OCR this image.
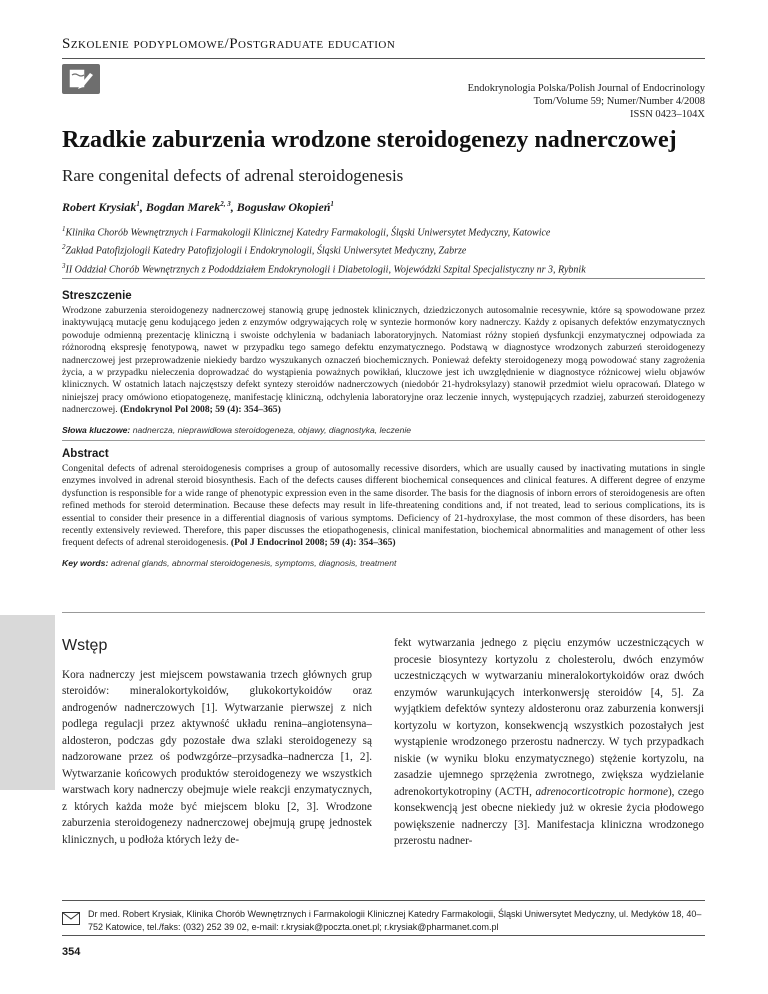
Szkolenie podyplomowe/Postgraduate education
Endokrynologia Polska/Polish Journal of Endocrinology
Tom/Volume 59; Numer/Number 4/2008
ISSN 0423–104X
Rzadkie zaburzenia wrodzone steroidogenezy nadnerczowej
Rare congenital defects of adrenal steroidogenesis
Robert Krysiak$^1$, Bogdan Marek$^{2, 3}$, Bogusław Okopień$^1$
$^1$Klinika Chorób Wewnętrznych i Farmakologii Klinicznej Katedry Farmakologii, Śląski Uniwersytet Medyczny, Katowice
$^2$Zakład Patofizjologii Katedry Patofizjologii i Endokrynologii, Śląski Uniwersytet Medyczny, Zabrze
$^3$II Oddział Chorób Wewnętrznych z Pododdziałem Endokrynologii i Diabetologii, Wojewódzki Szpital Specjalistyczny nr 3, Rybnik
Streszczenie
Wrodzone zaburzenia steroidogenezy nadnerczowej stanowią grupę jednostek klinicznych, dziedziczonych autosomalnie recesywnie, które są spowodowane przez inaktywującą mutację genu kodującego jeden z enzymów odgrywających rolę w syntezie hormonów kory nadnerczy. Każdy z opisanych defektów enzymatycznych powoduje odmienną prezentację kliniczną i swoiste odchylenia w badaniach laboratoryjnych. Natomiast różny stopień dysfunkcji enzymatycznej odpowiada za różnorodną ekspresję fenotypową, nawet w przypadku tego samego defektu enzymatycznego. Podstawą w diagnostyce wrodzonych zaburzeń steroidogenezy nadnerczowej jest przeprowadzenie niekiedy bardzo wyszukanych oznaczeń biochemicznych. Ponieważ defekty steroidogenezy mogą powodować stany zagrożenia życia, a w przypadku nieleczenia doprowadzać do wystąpienia poważnych powikłań, kluczowe jest ich uwzględnienie w diagnostyce różnicowej wielu objawów klinicznych. W ostatnich latach najczęstszy defekt syntezy steroidów nadnerczowych (niedobór 21-hydroksylazy) stanowił przedmiot wielu opracowań. Dlatego w niniejszej pracy omówiono etiopatogenezę, manifestację kliniczną, odchylenia laboratoryjne oraz leczenie innych, występujących rzadziej, zaburzeń steroidogenezy nadnerczowej. (Endokrynol Pol 2008; 59 (4): 354–365)
Słowa kluczowe: nadnercza, nieprawidłowa steroidogeneza, objawy, diagnostyka, leczenie
Abstract
Congenital defects of adrenal steroidogenesis comprises a group of autosomally recessive disorders, which are usually caused by inactivating mutations in single enzymes involved in adrenal steroid biosynthesis. Each of the defects causes different biochemical consequences and clinical features. A different degree of enzyme dysfunction is responsible for a wide range of phenotypic expression even in the same disorder. The basis for the diagnosis of inborn errors of steroidogenesis are often refined methods for steroid determination. Because these defects may result in life-threatening conditions and, if not treated, lead to serious complications, its is essential to consider their presence in a differential diagnosis of various symptoms. Deficiency of 21-hydroxylase, the most common of these disorders, has been recently extensively reviewed. Therefore, this paper discusses the etiopathogenesis, clinical manifestation, biochemical abnormalities and management of other less frequent defects of adrenal steroidogenesis. (Pol J Endocrinol 2008; 59 (4): 354–365)
Key words: adrenal glands, abnormal steroidogenesis, symptoms, diagnosis, treatment
Wstęp
Kora nadnerczy jest miejscem powstawania trzech głównych grup steroidów: mineralokortykoidów, glukokortykoidów oraz androgenów nadnerczowych [1]. Wytwarzanie pierwszej z nich podlega regulacji przez aktywność układu renina–angiotensyna–aldosteron, podczas gdy pozostałe dwa szlaki steroidogenezy są nadzorowane przez oś podwzgórze–przysadka–nadnercza [1, 2]. Wytwarzanie końcowych produktów steroidogenezy we wszystkich warstwach kory nadnerczy obejmuje wiele reakcji enzymatycznych, z których każda może być miejscem bloku [2, 3]. Wrodzone zaburzenia steroidogenezy nadnerczowej obejmują grupę jednostek klinicznych, u podłoża których leży de-
fekt wytwarzania jednego z pięciu enzymów uczestniczących w procesie biosyntezy kortyzolu z cholesterolu, dwóch enzymów uczestniczących w wytwarzaniu mineralokortykoidów oraz dwóch enzymów warunkujących interkonwersję steroidów [4, 5]. Za wyjątkiem defektów syntezy aldosteronu oraz zaburzenia konwersji kortyzolu w kortyzon, konsekwencją wszystkich pozostałych jest wystąpienie wrodzonego przerostu nadnerczy. W tych przypadkach niskie (w wyniku bloku enzymatycznego) stężenie kortyzolu, na zasadzie ujemnego sprzężenia zwrotnego, zwiększa wydzielanie adrenokortykotropiny (ACTH, adrenocorticotropic hormone), czego konsekwencją jest obecne niekiedy już w okresie życia płodowego powiększenie nadnerczy [3]. Manifestacja kliniczna wrodzonego przerostu nadner-
Dr med. Robert Krysiak, Klinika Chorób Wewnętrznych i Farmakologii Klinicznej Katedry Farmakologii, Śląski Uniwersytet Medyczny, ul. Medyków 18, 40–752 Katowice, tel./faks: (032) 252 39 02, e-mail: r.krysiak@poczta.onet.pl; r.krysiak@pharmanet.com.pl
354
